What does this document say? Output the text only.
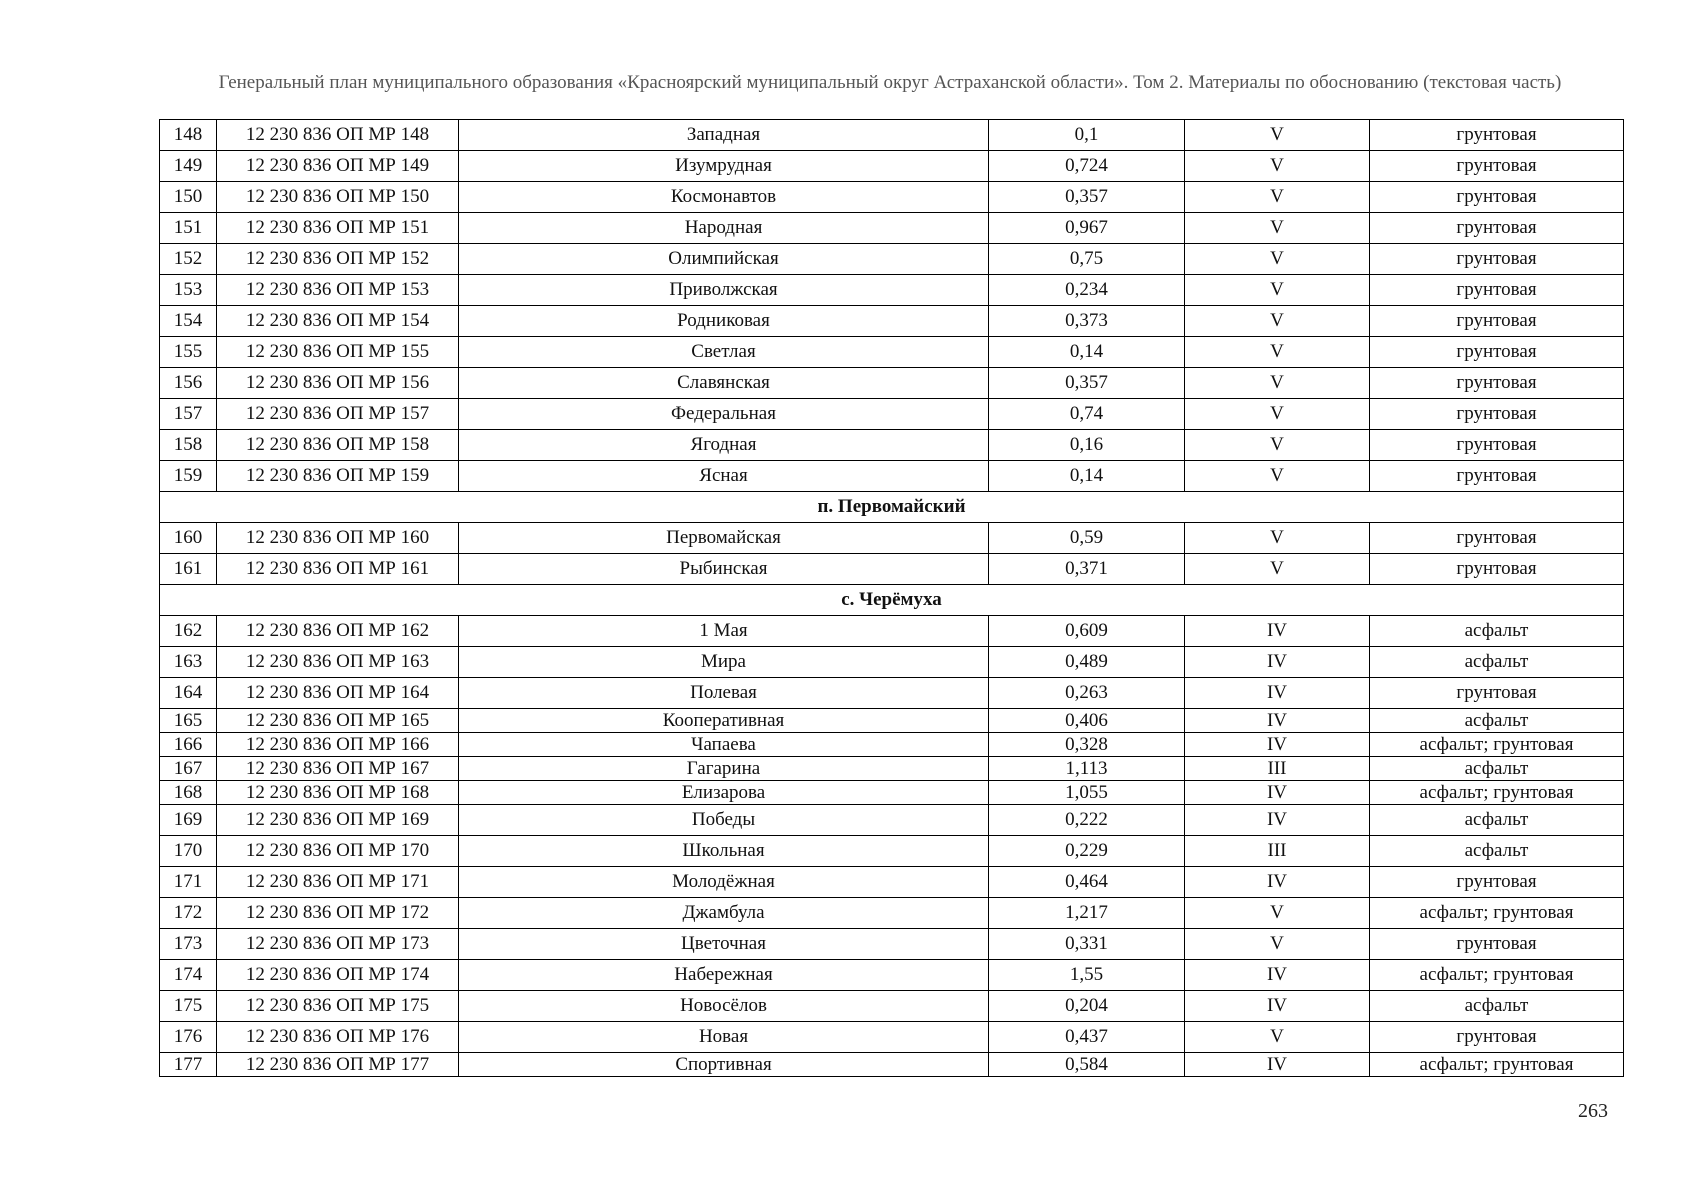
Генеральный план муниципального образования «Красноярский муниципальный округ Астраханской области». Том 2. Материалы по обоснованию (текстовая часть)
148	12 230 836 ОП МР 148	Западная	0,1	V	грунтовая
149	12 230 836 ОП МР 149	Изумрудная	0,724	V	грунтовая
150	12 230 836 ОП МР 150	Космонавтов	0,357	V	грунтовая
151	12 230 836 ОП МР 151	Народная	0,967	V	грунтовая
152	12 230 836 ОП МР 152	Олимпийская	0,75	V	грунтовая
153	12 230 836 ОП МР 153	Приволжская	0,234	V	грунтовая
154	12 230 836 ОП МР 154	Родниковая	0,373	V	грунтовая
155	12 230 836 ОП МР 155	Светлая	0,14	V	грунтовая
156	12 230 836 ОП МР 156	Славянская	0,357	V	грунтовая
157	12 230 836 ОП МР 157	Федеральная	0,74	V	грунтовая
158	12 230 836 ОП МР 158	Ягодная	0,16	V	грунтовая
159	12 230 836 ОП МР 159	Ясная	0,14	V	грунтовая
п. Первомайский					
160	12 230 836 ОП МР 160	Первомайская	0,59	V	грунтовая
161	12 230 836 ОП МР 161	Рыбинская	0,371	V	грунтовая
с. Черёмуха					
162	12 230 836 ОП МР 162	1 Мая	0,609	IV	асфальт
163	12 230 836 ОП МР 163	Мира	0,489	IV	асфальт
164	12 230 836 ОП МР 164	Полевая	0,263	IV	грунтовая
165	12 230 836 ОП МР 165	Кооперативная	0,406	IV	асфальт
166	12 230 836 ОП МР 166	Чапаева	0,328	IV	асфальт; грунтовая
167	12 230 836 ОП МР 167	Гагарина	1,113	III	асфальт
168	12 230 836 ОП МР 168	Елизарова	1,055	IV	асфальт; грунтовая
169	12 230 836 ОП МР 169	Победы	0,222	IV	асфальт
170	12 230 836 ОП МР 170	Школьная	0,229	III	асфальт
171	12 230 836 ОП МР 171	Молодёжная	0,464	IV	грунтовая
172	12 230 836 ОП МР 172	Джамбула	1,217	V	асфальт; грунтовая
173	12 230 836 ОП МР 173	Цветочная	0,331	V	грунтовая
174	12 230 836 ОП МР 174	Набережная	1,55	IV	асфальт; грунтовая
175	12 230 836 ОП МР 175	Новосёлов	0,204	IV	асфальт
176	12 230 836 ОП МР 176	Новая	0,437	V	грунтовая
177	12 230 836 ОП МР 177	Спортивная	0,584	IV	асфальт; грунтовая
263
